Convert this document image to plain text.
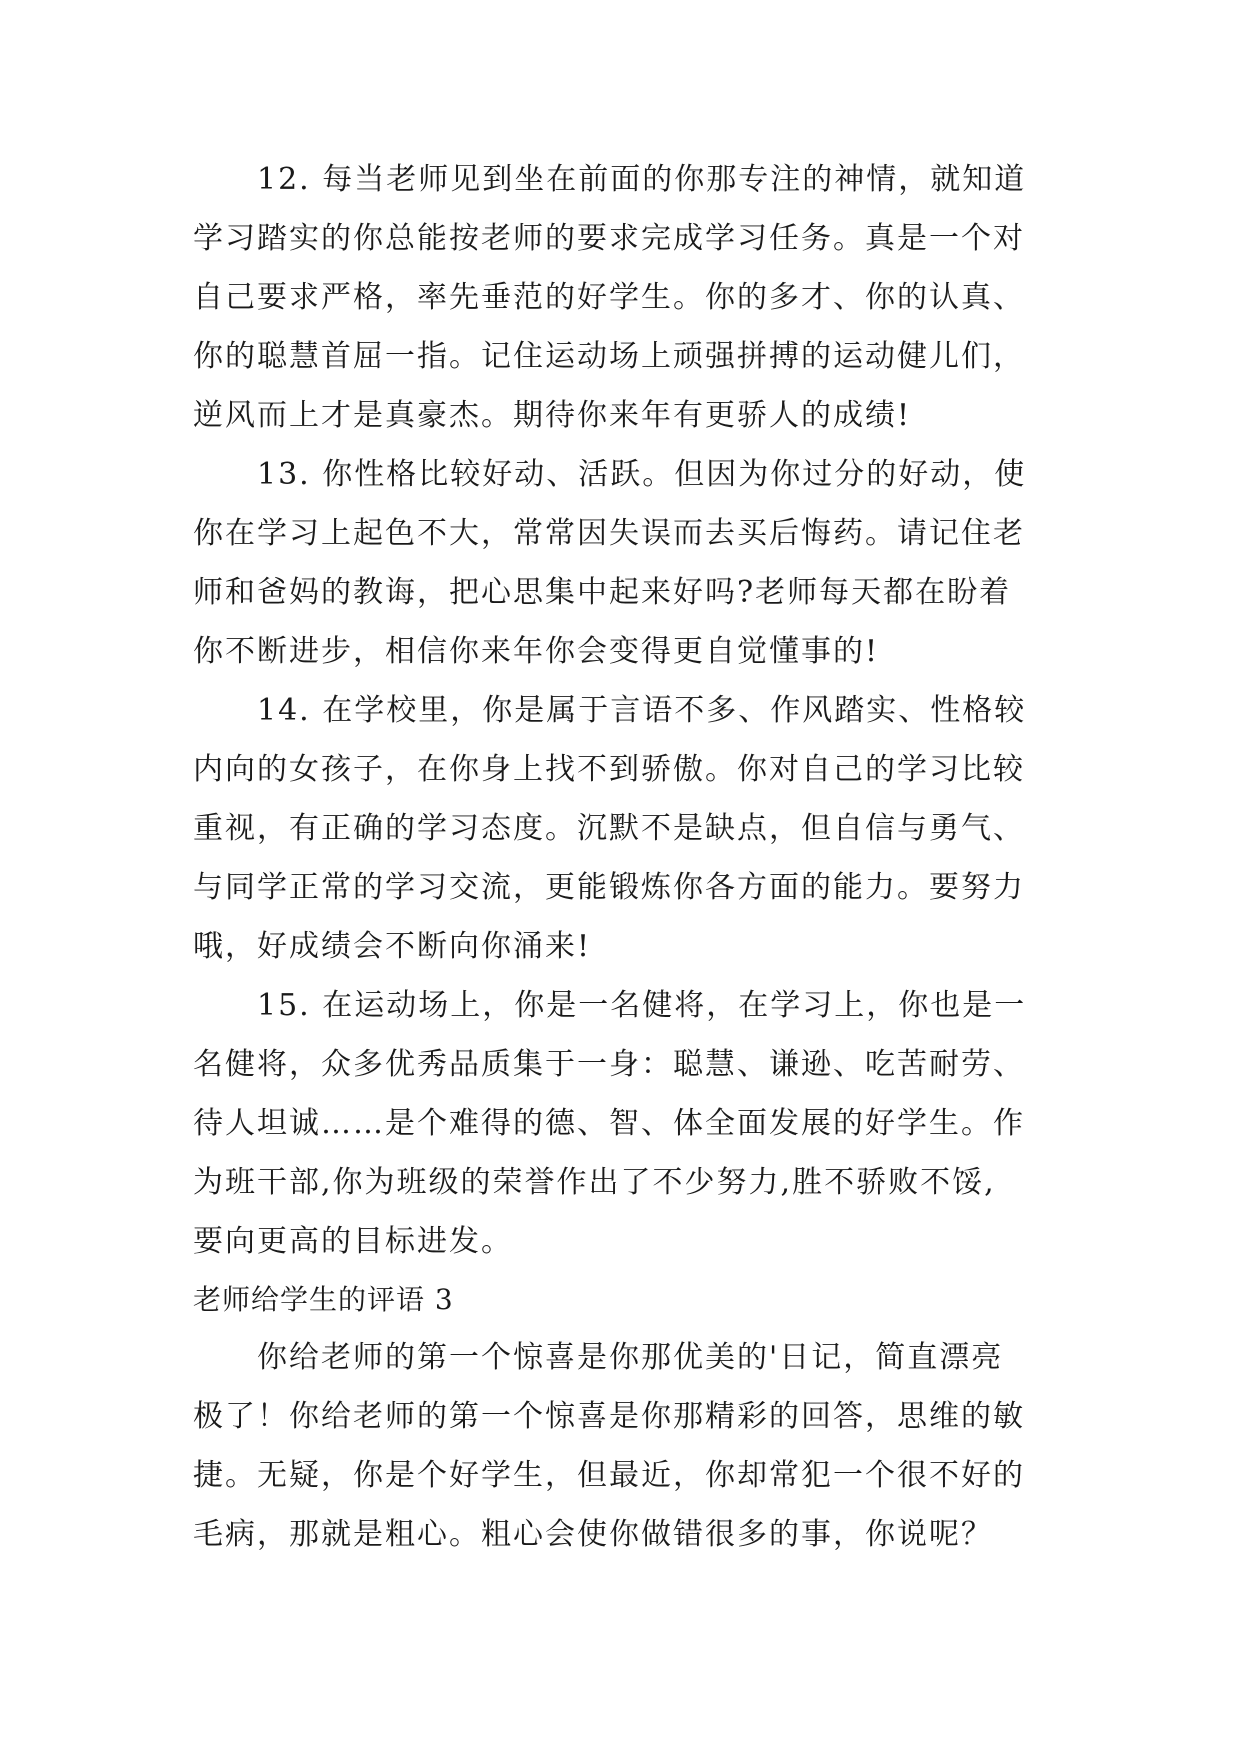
12. 每当老师见到坐在前面的你那专注的神情，就知道
学习踏实的你总能按老师的要求完成学习任务。真是一个对
自己要求严格，率先垂范的好学生。你的多才、你的认真、
你的聪慧首屈一指。记住运动场上顽强拼搏的运动健儿们，
逆风而上才是真豪杰。期待你来年有更骄人的成绩!
13. 你性格比较好动、活跃。但因为你过分的好动，使
你在学习上起色不大，常常因失误而去买后悔药。请记住老
师和爸妈的教诲，把心思集中起来好吗?老师每天都在盼着
你不断进步，相信你来年你会变得更自觉懂事的!
14. 在学校里，你是属于言语不多、作风踏实、性格较
内向的女孩子，在你身上找不到骄傲。你对自己的学习比较
重视，有正确的学习态度。沉默不是缺点，但自信与勇气、
与同学正常的学习交流，更能锻炼你各方面的能力。要努力
哦，好成绩会不断向你涌来!
15. 在运动场上，你是一名健将，在学习上，你也是一
名健将，众多优秀品质集于一身：聪慧、谦逊、吃苦耐劳、
待人坦诚……是个难得的德、智、体全面发展的好学生。作
为班干部,你为班级的荣誉作出了不少努力,胜不骄败不馁,
要向更高的目标进发。
老师给学生的评语 3
你给老师的第一个惊喜是你那优美的'日记，简直漂亮
极了！你给老师的第一个惊喜是你那精彩的回答，思维的敏
捷。无疑，你是个好学生，但最近，你却常犯一个很不好的
毛病，那就是粗心。粗心会使你做错很多的事，你说呢？
